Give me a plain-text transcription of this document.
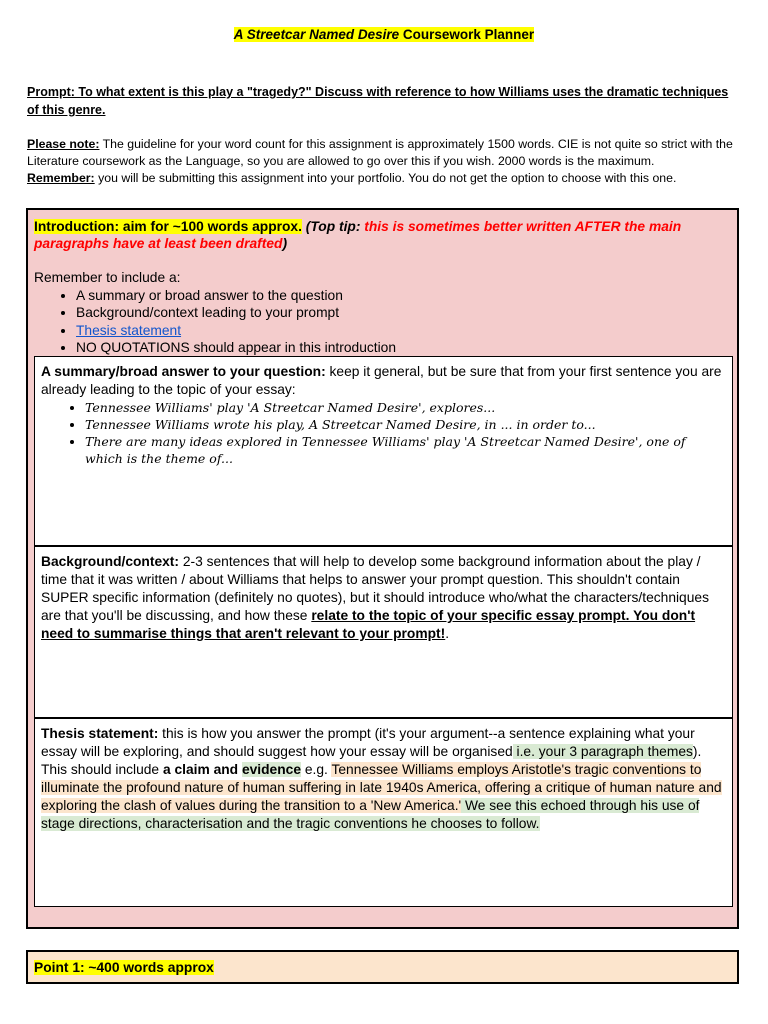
A Streetcar Named Desire Coursework Planner
Prompt: To what extent is this play a "tragedy?" Discuss with reference to how Williams uses the dramatic techniques of this genre.
Please note: The guideline for your word count for this assignment is approximately 1500 words. CIE is not quite so strict with the Literature coursework as the Language, so you are allowed to go over this if you wish. 2000 words is the maximum.
Remember: you will be submitting this assignment into your portfolio. You do not get the option to choose with this one.
Introduction: aim for ~100 words approx. (Top tip: this is sometimes better written AFTER the main paragraphs have at least been drafted)
Remember to include a:
• A summary or broad answer to the question
• Background/context leading to your prompt
• Thesis statement
• NO QUOTATIONS should appear in this introduction
A summary/broad answer to your question: keep it general, but be sure that from your first sentence you are already leading to the topic of your essay:
• Tennessee Williams' play 'A Streetcar Named Desire', explores...
• Tennessee Williams wrote his play, A Streetcar Named Desire, in ... in order to...
• There are many ideas explored in Tennessee Williams' play 'A Streetcar Named Desire', one of which is the theme of...
Background/context: 2-3 sentences that will help to develop some background information about the play / time that it was written / about Williams that helps to answer your prompt question. This shouldn't contain SUPER specific information (definitely no quotes), but it should introduce who/what the characters/techniques are that you'll be discussing, and how these relate to the topic of your specific essay prompt. You don't need to summarise things that aren't relevant to your prompt!.
Thesis statement: this is how you answer the prompt (it's your argument--a sentence explaining what your essay will be exploring, and should suggest how your essay will be organised i.e. your 3 paragraph themes). This should include a claim and evidence e.g. Tennessee Williams employs Aristotle's tragic conventions to illuminate the profound nature of human suffering in late 1940s America, offering a critique of human nature and exploring the clash of values during the transition to a 'New America.' We see this echoed through his use of stage directions, characterisation and the tragic conventions he chooses to follow.
Point 1: ~400 words approx
